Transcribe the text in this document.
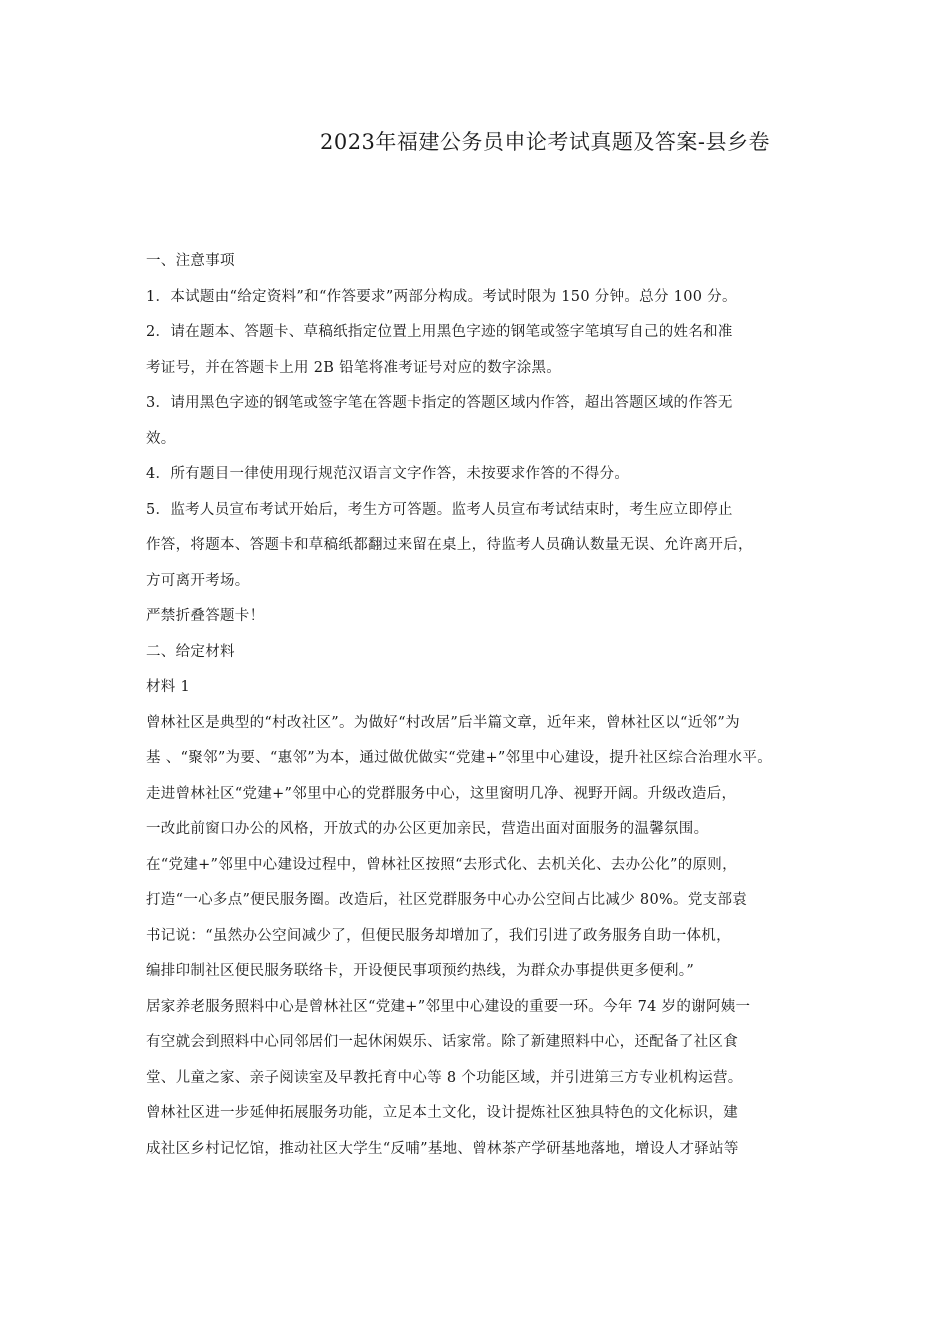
2023年福建公务员申论考试真题及答案-县乡卷
一、注意事项
1．本试题由“给定资料”和“作答要求”两部分构成。考试时限为 150 分钟。总分 100 分。
2．请在题本、答题卡、草稿纸指定位置上用黑色字迹的钢笔或签字笔填写自己的姓名和准
考证号，并在答题卡上用 2B 铅笔将准考证号对应的数字涂黑。
3．请用黑色字迹的钢笔或签字笔在答题卡指定的答题区域内作答，超出答题区域的作答无
效。
4．所有题目一律使用现行规范汉语言文字作答，未按要求作答的不得分。
5．监考人员宣布考试开始后，考生方可答题。监考人员宣布考试结束时，考生应立即停止
作答，将题本、答题卡和草稿纸都翻过来留在桌上，待监考人员确认数量无误、允许离开后，
方可离开考场。
严禁折叠答题卡！
二、给定材料
材料 1
曾林社区是典型的“村改社区”。为做好“村改居”后半篇文章，近年来，曾林社区以“近邻”为
基 、“聚邻”为要、“惠邻”为本，通过做优做实“党建+”邻里中心建设，提升社区综合治理水平。
走进曾林社区“党建+”邻里中心的党群服务中心，这里窗明几净、视野开阔。升级改造后，
一改此前窗口办公的风格，开放式的办公区更加亲民，营造出面对面服务的温馨氛围。
在“党建+”邻里中心建设过程中，曾林社区按照“去形式化、去机关化、去办公化”的原则，
打造“一心多点”便民服务圈。改造后，社区党群服务中心办公空间占比减少 80%。党支部袁
书记说：“虽然办公空间减少了，但便民服务却增加了，我们引进了政务服务自助一体机，
编排印制社区便民服务联络卡，开设便民事项预约热线，为群众办事提供更多便利。”
居家养老服务照料中心是曾林社区“党建+”邻里中心建设的重要一环。今年 74 岁的谢阿姨一
有空就会到照料中心同邻居们一起休闲娱乐、话家常。除了新建照料中心，还配备了社区食
堂、儿童之家、亲子阅读室及早教托育中心等 8 个功能区域，并引进第三方专业机构运营。
曾林社区进一步延伸拓展服务功能，立足本土文化，设计提炼社区独具特色的文化标识，建
成社区乡村记忆馆，推动社区大学生“反哺”基地、曾林茶产学研基地落地，增设人才驿站等
